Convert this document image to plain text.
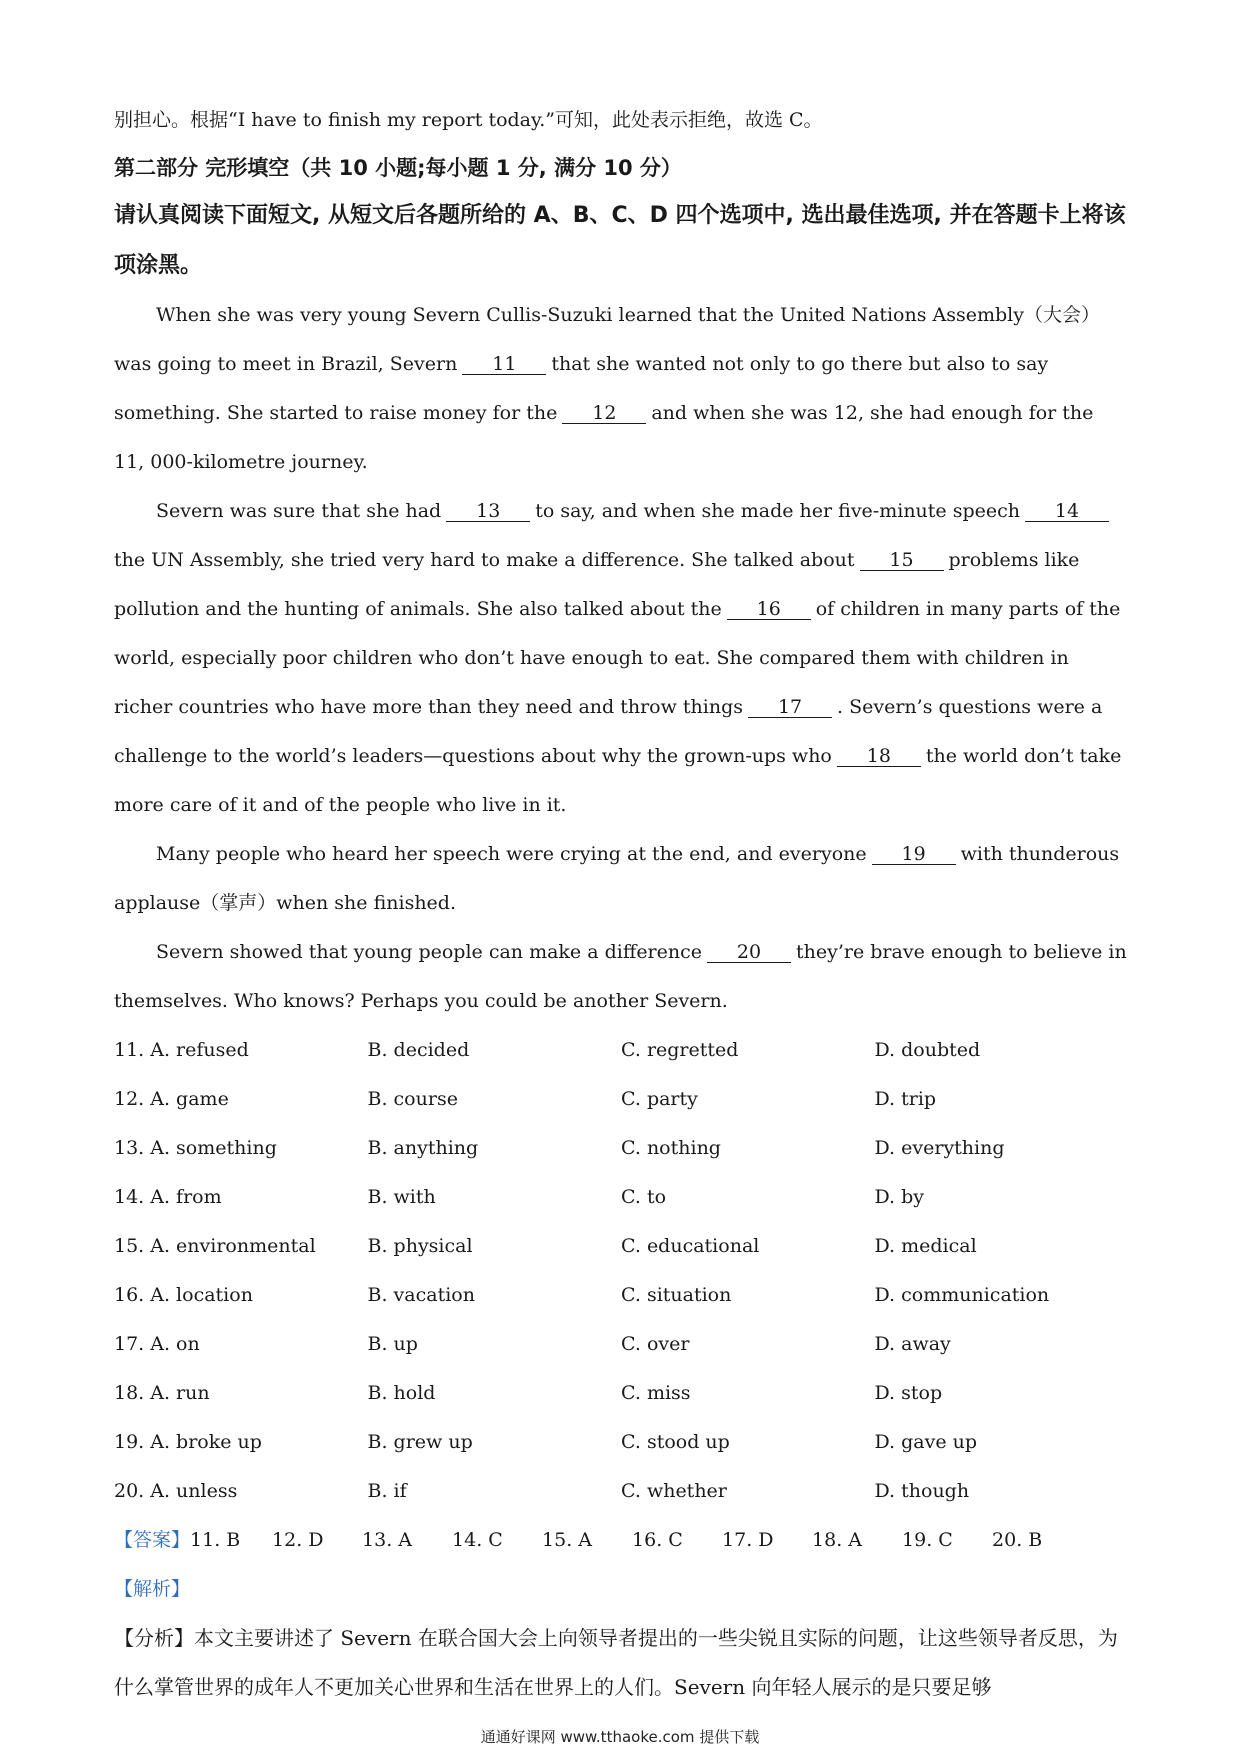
别担心。根据“I have to finish my report today.”可知，此处表示拒绝，故选 C。
第二部分 完形填空（共 10 小题;每小题 1 分, 满分 10 分）
请认真阅读下面短文, 从短文后各题所给的 A、B、C、D 四个选项中, 选出最佳选项, 并在答题卡上将该项涂黑。
When she was very young Severn Cullis-Suzuki learned that the United Nations Assembly（大会）was going to meet in Brazil, Severn 11 that she wanted not only to go there but also to say something. She started to raise money for the 12 and when she was 12, she had enough for the 11, 000-kilometre journey.
Severn was sure that she had 13 to say, and when she made her five-minute speech 14the UN Assembly, she tried very hard to make a difference. She talked about 15 problems like pollution and the hunting of animals. She also talked about the 16 of children in many parts of the world, especially poor children who don’t have enough to eat. She compared them with children in richer countries who have more than they need and throw things 17 . Severn’s questions were a challenge to the world’s leaders—questions about why the grown-ups who 18 the world don’t take more care of it and of the people who live in it.
Many people who heard her speech were crying at the end, and everyone 19 with thunderous applause（掌声）when she finished.
Severn showed that young people can make a difference 20 they’re brave enough to believe in themselves. Who knows? Perhaps you could be another Severn.
11. A. refused	B. decided	C. regretted	D. doubted
12. A. game	B. course	C. party	D. trip
13. A. something	B. anything	C. nothing	D. everything
14. A. from	B. with	C. to	D. by
15. A. environmental	B. physical	C. educational	D. medical
16. A. location	B. vacation	C. situation	D. communication
17. A. on	B. up	C. over	D. away
18. A. run	B. hold	C. miss	D. stop
19. A. broke up	B. grew up	C. stood up	D. gave up
20. A. unless	B. if	C. whether	D. though
【答案】 11. B	12. D	13. A	14. C	15. A	16. C	17. D	18. A	19. C	20. B
【解析】
【分析】本文主要讲述了 Severn 在联合国大会上向领导者提出的一些尖锐且实际的问题，让这些领导者反思，为什么掌管世界的成年人不更加关心世界和生活在世界上的人们。Severn 向年轻人展示的是只要足够
通通好课网 www.tthaoke.com 提供下载
